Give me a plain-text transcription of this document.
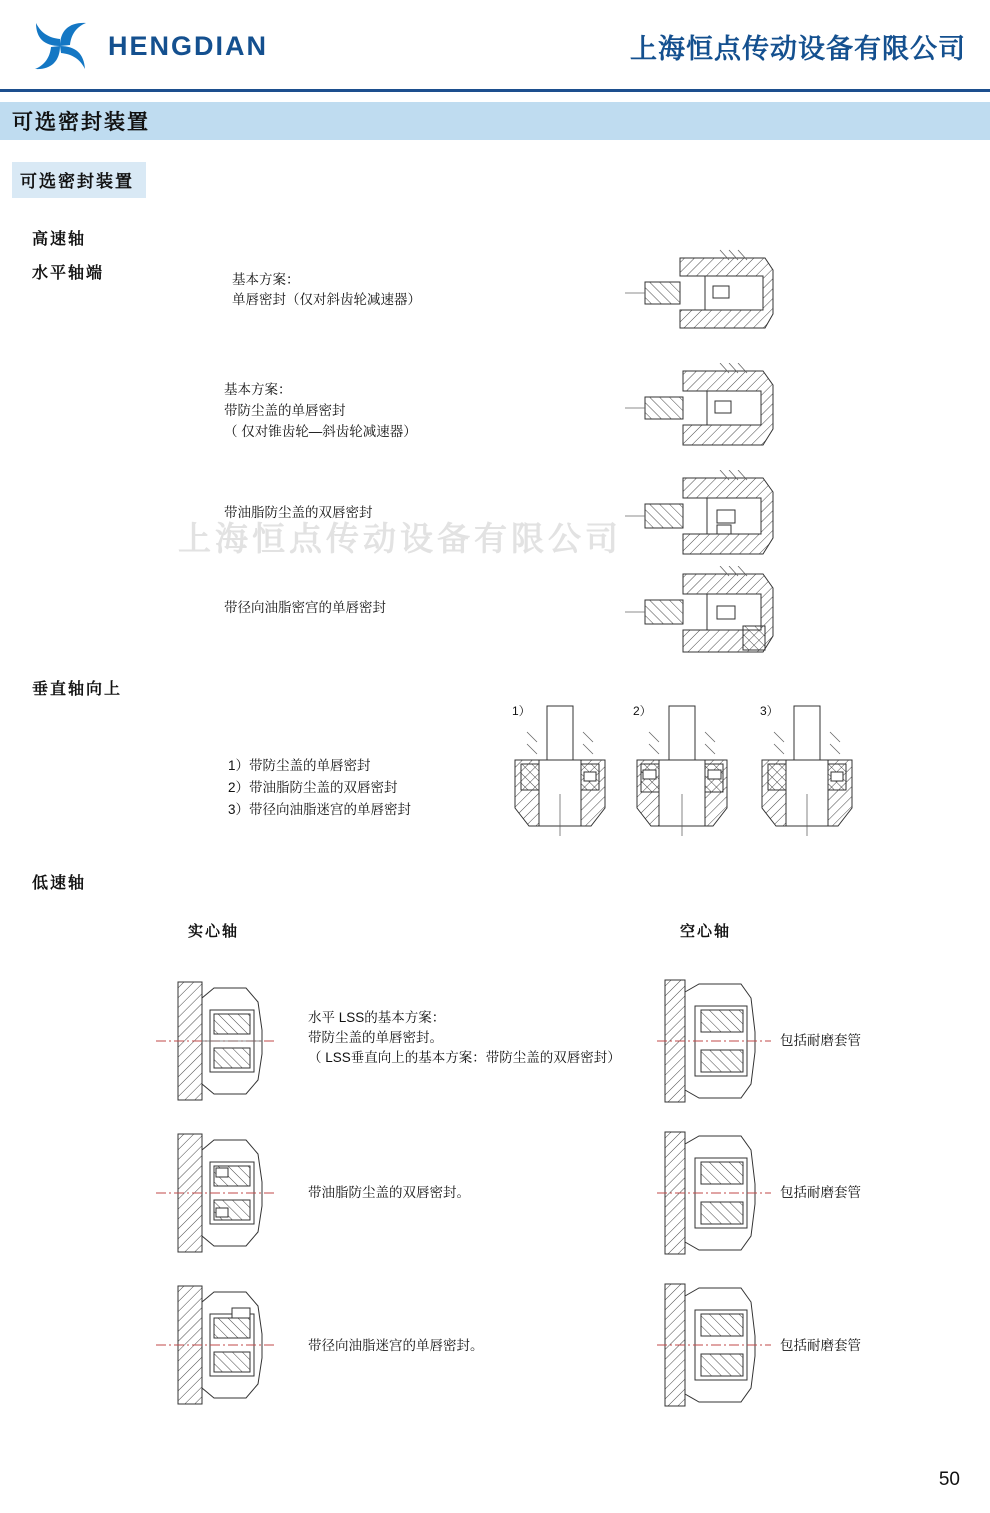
HENGDIAN	上海恒点传动设备有限公司
可选密封装置
可选密封装置
上海恒点传动设备有限公司
高速轴
水平轴端	基本方案：
单唇密封（仅对斜齿轮减速器）
基本方案：
带防尘盖的单唇密封
（ 仅对锥齿轮—斜齿轮减速器）
带油脂防尘盖的双唇密封
带径向油脂密宫的单唇密封
垂直轴向上
1）带防尘盖的单唇密封
2）带油脂防尘盖的双唇密封
3）带径向油脂迷宫的单唇密封
1）	2）	3）
低速轴
实心轴	空心轴
水平 LSS的基本方案：
带防尘盖的单唇密封。
（ LSS垂直向上的基本方案：带防尘盖的双唇密封）
包括耐磨套管
带油脂防尘盖的双唇密封。	包括耐磨套管
带径向油脂迷宫的单唇密封。	包括耐磨套管
50
